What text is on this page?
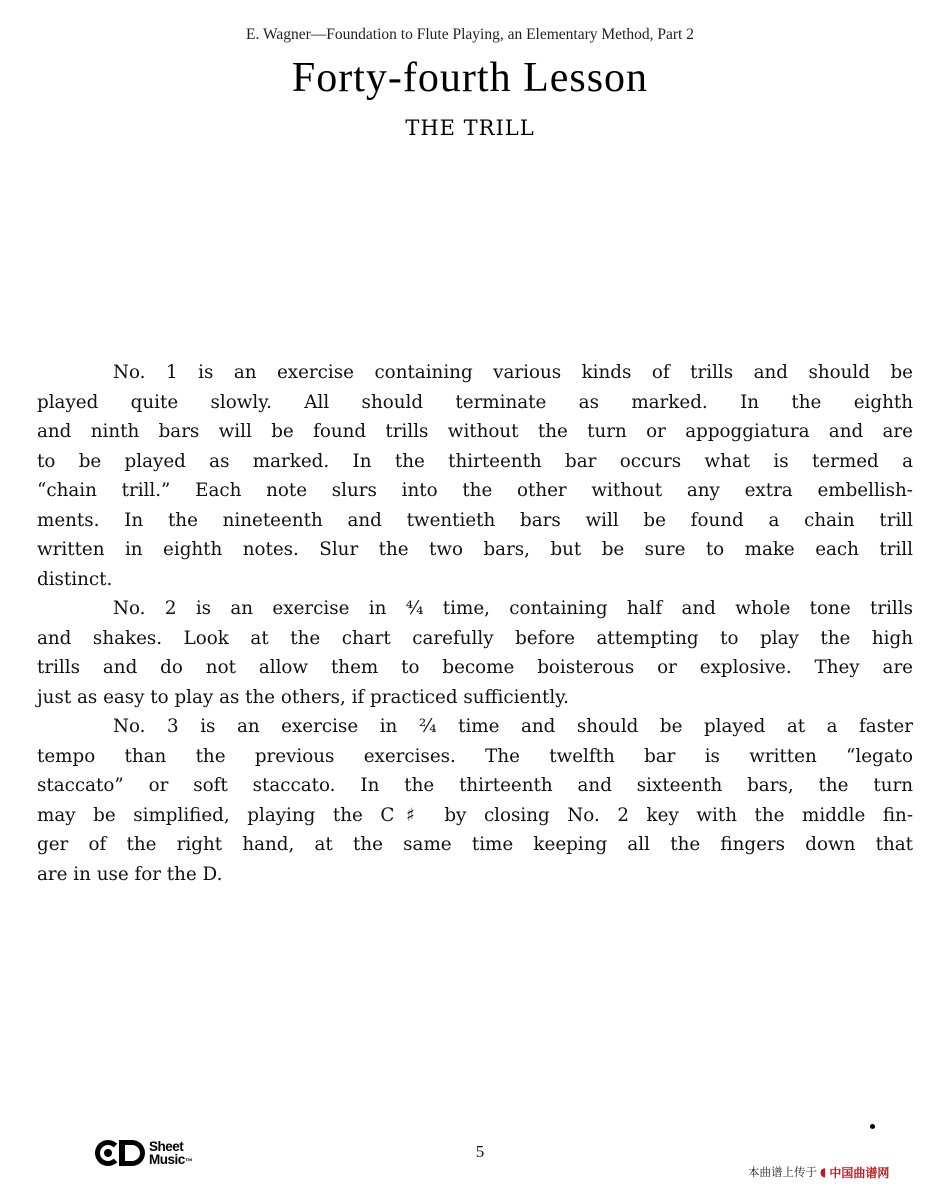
E. Wagner—Foundation to Flute Playing, an Elementary Method, Part 2
Forty-fourth Lesson
THE TRILL
No. 1 is an exercise containing various kinds of trills and should be
played quite slowly. All should terminate as marked. In the eighth
and ninth bars will be found trills without the turn or appoggiatura and are
to be played as marked. In the thirteenth bar occurs what is termed a
“chain trill.” Each note slurs into the other without any extra embellish-
ments. In the nineteenth and twentieth bars will be found a chain trill
written in eighth notes. Slur the two bars, but be sure to make each trill
distinct.
No. 2 is an exercise in ⁴⁄₄ time, containing half and whole tone trills
and shakes. Look at the chart carefully before attempting to play the high
trills and do not allow them to become boisterous or explosive. They are
just as easy to play as the others, if practiced sufficiently.
No. 3 is an exercise in ²⁄₄ time and should be played at a faster
tempo than the previous exercises. The twelfth bar is written “legato
staccato” or soft staccato. In the thirteenth and sixteenth bars, the turn
may be simplified, playing the C♯ by closing No. 2 key with the middle fin-
ger of the right hand, at the same time keeping all the fingers down that
are in use for the D.
Sheet
Music™
5
本曲谱上传于 ◖ 中国曲谱网
